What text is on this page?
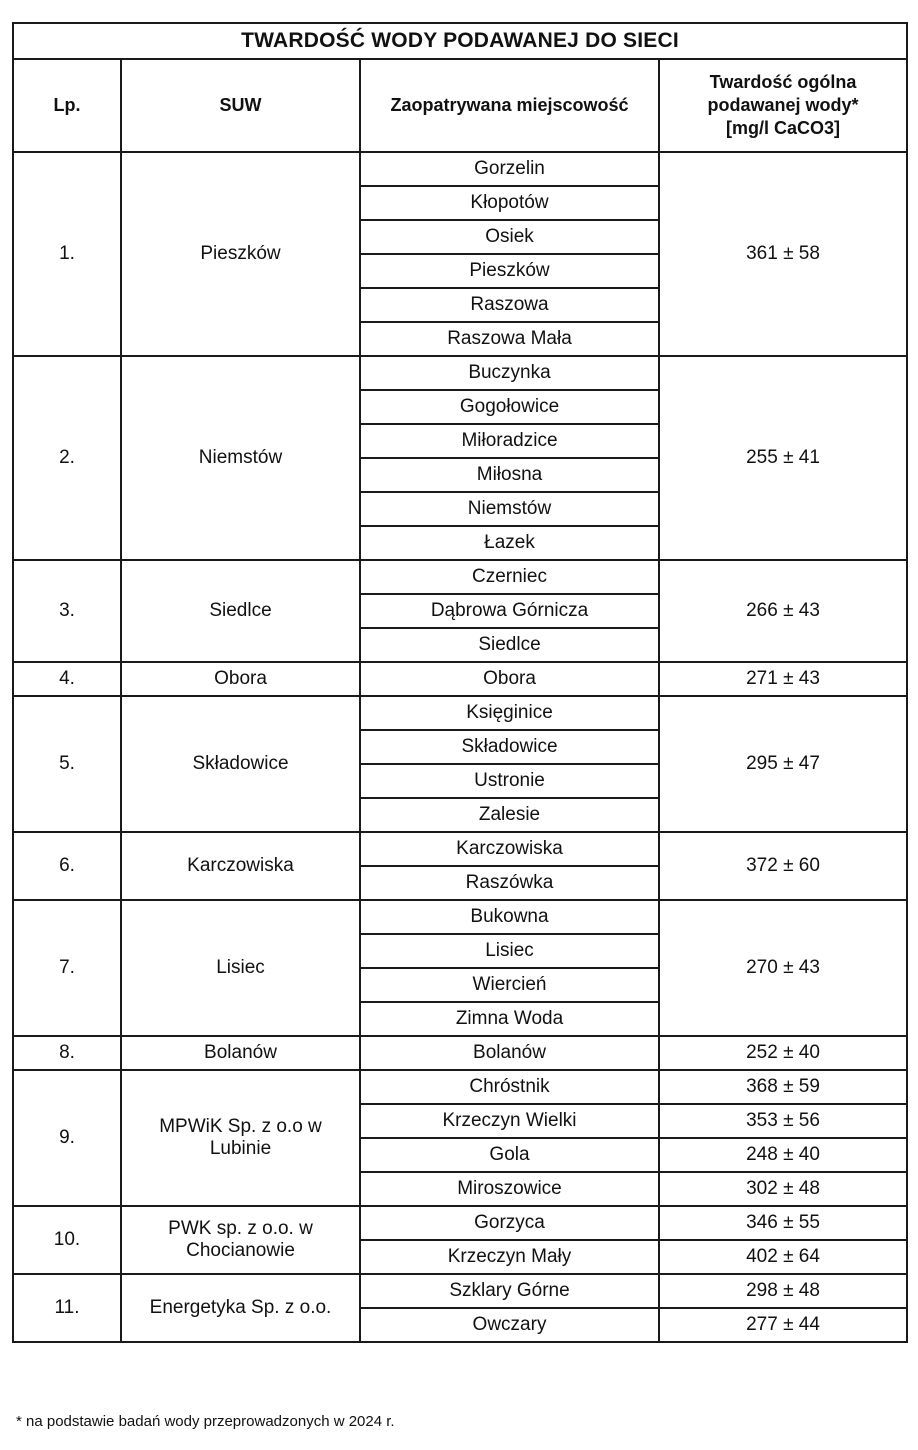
TWARDOŚĆ WODY PODAWANEJ DO SIECI			
Lp.	SUW	Zaopatrywana miejscowość	Twardość ogólna
podawanej wody*
[mg/l CaCO3]
1.	Pieszków	Gorzelin	361 ± 58
		Kłopotów	
		Osiek	
		Pieszków	
		Raszowa	
		Raszowa Mała	
2.	Niemstów	Buczynka	255 ± 41
		Gogołowice	
		Miłoradzice	
		Miłosna	
		Niemstów	
		Łazek	
3.	Siedlce	Czerniec	266 ± 43
		Dąbrowa Górnicza	
		Siedlce	
4.	Obora	Obora	271 ± 43
5.	Składowice	Księginice	295 ± 47
		Składowice	
		Ustronie	
		Zalesie	
6.	Karczowiska	Karczowiska	372 ± 60
		Raszówka	
7.	Lisiec	Bukowna	270 ± 43
		Lisiec	
		Wiercień	
		Zimna Woda	
8.	Bolanów	Bolanów	252 ± 40
9.	MPWiK Sp. z o.o w
Lubinie	Chróstnik	368 ± 59
		Krzeczyn Wielki	353 ± 56
		Gola	248 ± 40
		Miroszowice	302 ± 48
10.	PWK sp. z o.o. w
Chocianowie	Gorzyca	346 ± 55
		Krzeczyn Mały	402 ± 64
11.	Energetyka Sp. z o.o.	Szklary Górne	298 ± 48
		Owczary	277 ± 44
* na podstawie badań wody przeprowadzonych w 2024 r.
